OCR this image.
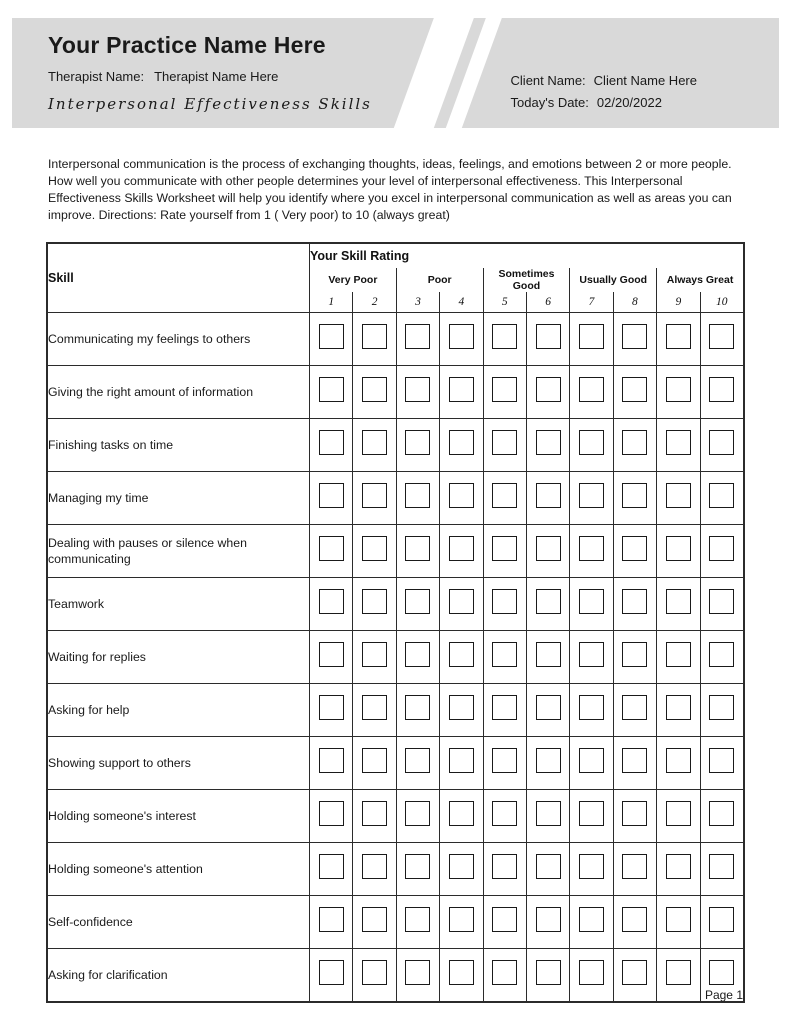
Your Practice Name Here
Therapist Name: Therapist Name Here
Interpersonal Effectiveness Skills
Client Name: Client Name Here
Today's Date: 02/20/2022
Interpersonal communication is the process of exchanging thoughts, ideas, feelings, and emotions between 2 or more people. How well you communicate with other people determines your level of interpersonal effectiveness. This Interpersonal Effectiveness Skills Worksheet will help you identify where you excel in interpersonal communication as well as areas you can improve. Directions: Rate yourself from 1 ( Very poor) to 10 (always great)
Skill	Your Skill Rating									
	Very Poor		Poor		Sometimes Good		Usually Good		Always Great	
	1	2	3	4	5	6	7	8	9	10
Communicating my feelings to others										
Giving the right amount of information										
Finishing tasks on time										
Managing my time										
Dealing with pauses or silence when communicating										
Teamwork										
Waiting for replies										
Asking for help										
Showing support to others										
Holding someone's interest										
Holding someone's attention										
Self-confidence										
Asking for clarification										
Page 1
